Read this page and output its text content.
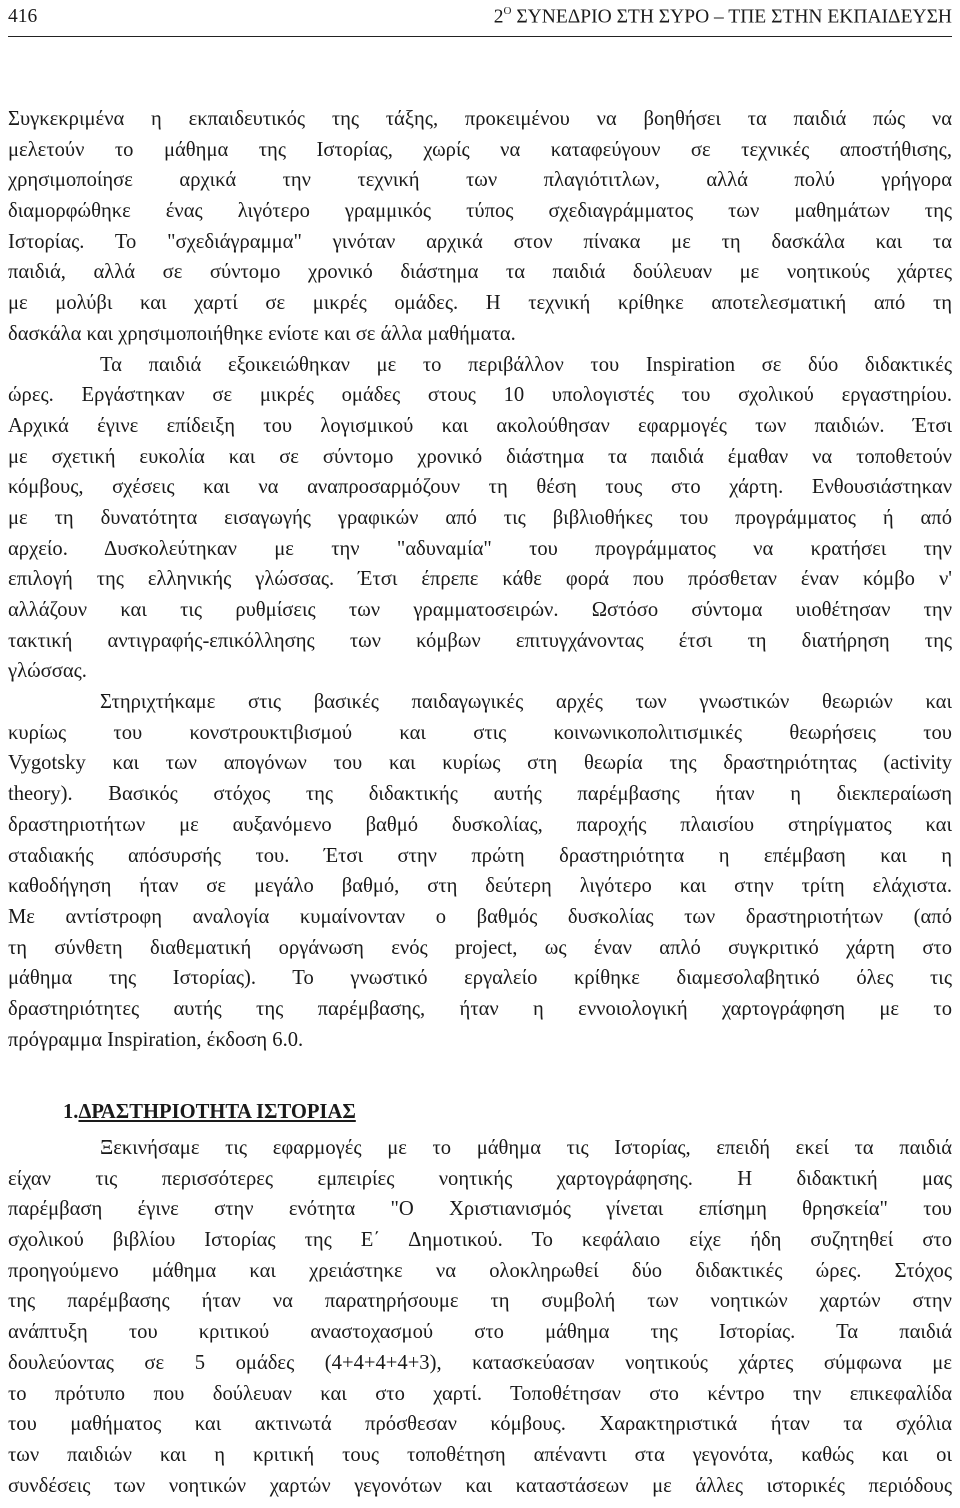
416	$2^O$ ΣΥΝΕΔΡΙΟ ΣΤΗ ΣΥΡΟ – ΤΠΕ ΣΤΗΝ ΕΚΠΑΙΔΕΥΣΗ
Συγκεκριμένα η εκπαιδευτικός της τάξης, προκειμένου να βοηθήσει τα παιδιά πώς να
μελετούν το μάθημα της Ιστορίας, χωρίς να καταφεύγουν σε τεχνικές αποστήθισης,
χρησιμοποίησε αρχικά την τεχνική των πλαγιότιτλων, αλλά πολύ γρήγορα
διαμορφώθηκε ένας λιγότερο γραμμικός τύπος σχεδιαγράμματος των μαθημάτων της
Ιστορίας. Το "σχεδιάγραμμα" γινόταν αρχικά στον πίνακα με τη δασκάλα και τα
παιδιά, αλλά σε σύντομο χρονικό διάστημα τα παιδιά δούλευαν με νοητικούς χάρτες
με μολύβι και χαρτί σε μικρές ομάδες. Η τεχνική κρίθηκε αποτελεσματική από τη
δασκάλα και χρησιμοποιήθηκε ενίοτε και σε άλλα μαθήματα.
Τα παιδιά εξοικειώθηκαν με το περιβάλλον του Inspiration σε δύο διδακτικές
ώρες. Εργάστηκαν σε μικρές ομάδες στους 10 υπολογιστές του σχολικού εργαστηρίου.
Αρχικά έγινε επίδειξη του λογισμικού και ακολούθησαν εφαρμογές των παιδιών. Έτσι
με σχετική ευκολία και σε σύντομο χρονικό διάστημα τα παιδιά έμαθαν να τοποθετούν
κόμβους, σχέσεις και να αναπροσαρμόζουν τη θέση τους στο χάρτη. Ενθουσιάστηκαν
με τη δυνατότητα εισαγωγής γραφικών από τις βιβλιοθήκες του προγράμματος ή από
αρχείο. Δυσκολεύτηκαν με την "αδυναμία" του προγράμματος να κρατήσει την
επιλογή της ελληνικής γλώσσας. Έτσι έπρεπε κάθε φορά που πρόσθεταν έναν κόμβο ν'
αλλάζουν και τις ρυθμίσεις των γραμματοσειρών. Ωστόσο σύντομα υιοθέτησαν την
τακτική αντιγραφής-επικόλλησης των κόμβων επιτυγχάνοντας έτσι τη διατήρηση της
γλώσσας.
Στηριχτήκαμε στις βασικές παιδαγωγικές αρχές των γνωστικών θεωριών και
κυρίως του κονστρουκτιβισμού και στις κοινωνικοπολιτισμικές θεωρήσεις του
Vygotsky και των απογόνων του και κυρίως στη θεωρία της δραστηριότητας (activity
theory). Βασικός στόχος της διδακτικής αυτής παρέμβασης ήταν η διεκπεραίωση
δραστηριοτήτων με αυξανόμενο βαθμό δυσκολίας, παροχής πλαισίου στηρίγματος και
σταδιακής απόσυρσής του. Έτσι στην πρώτη δραστηριότητα η επέμβαση και η
καθοδήγηση ήταν σε μεγάλο βαθμό, στη δεύτερη λιγότερο και στην τρίτη ελάχιστα.
Με αντίστροφη αναλογία κυμαίνονταν ο βαθμός δυσκολίας των δραστηριοτήτων (από
τη σύνθετη διαθεματική οργάνωση ενός project, ως έναν απλό συγκριτικό χάρτη στο
μάθημα της Ιστορίας). Το γνωστικό εργαλείο κρίθηκε διαμεσολαβητικό όλες τις
δραστηριότητες αυτής της παρέμβασης, ήταν η εννοιολογική χαρτογράφηση με το
πρόγραμμα Inspiration, έκδοση 6.0.
1.ΔΡΑΣΤΗΡΙΟΤΗΤΑ ΙΣΤΟΡΙΑΣ
Ξεκινήσαμε τις εφαρμογές με το μάθημα τις Ιστορίας, επειδή εκεί τα παιδιά
είχαν τις περισσότερες εμπειρίες νοητικής χαρτογράφησης. Η διδακτική μας
παρέμβαση έγινε στην ενότητα "Ο Χριστιανισμός γίνεται επίσημη θρησκεία" του
σχολικού βιβλίου Ιστορίας της Ε΄ Δημοτικού. Το κεφάλαιο είχε ήδη συζητηθεί στο
προηγούμενο μάθημα και χρειάστηκε να ολοκληρωθεί δύο διδακτικές ώρες. Στόχος
της παρέμβασης ήταν να παρατηρήσουμε τη συμβολή των νοητικών χαρτών στην
ανάπτυξη του κριτικού αναστοχασμού στο μάθημα της Ιστορίας. Τα παιδιά
δουλεύοντας σε 5 ομάδες (4+4+4+4+3), κατασκεύασαν νοητικούς χάρτες σύμφωνα με
το πρότυπο που δούλευαν και στο χαρτί. Τοποθέτησαν στο κέντρο την επικεφαλίδα
του μαθήματος και ακτινωτά πρόσθεσαν κόμβους. Χαρακτηριστικά ήταν τα σχόλια
των παιδιών και η κριτική τους τοποθέτηση απέναντι στα γεγονότα, καθώς και οι
συνδέσεις των νοητικών χαρτών γεγονότων και καταστάσεων με άλλες ιστορικές περιόδους
